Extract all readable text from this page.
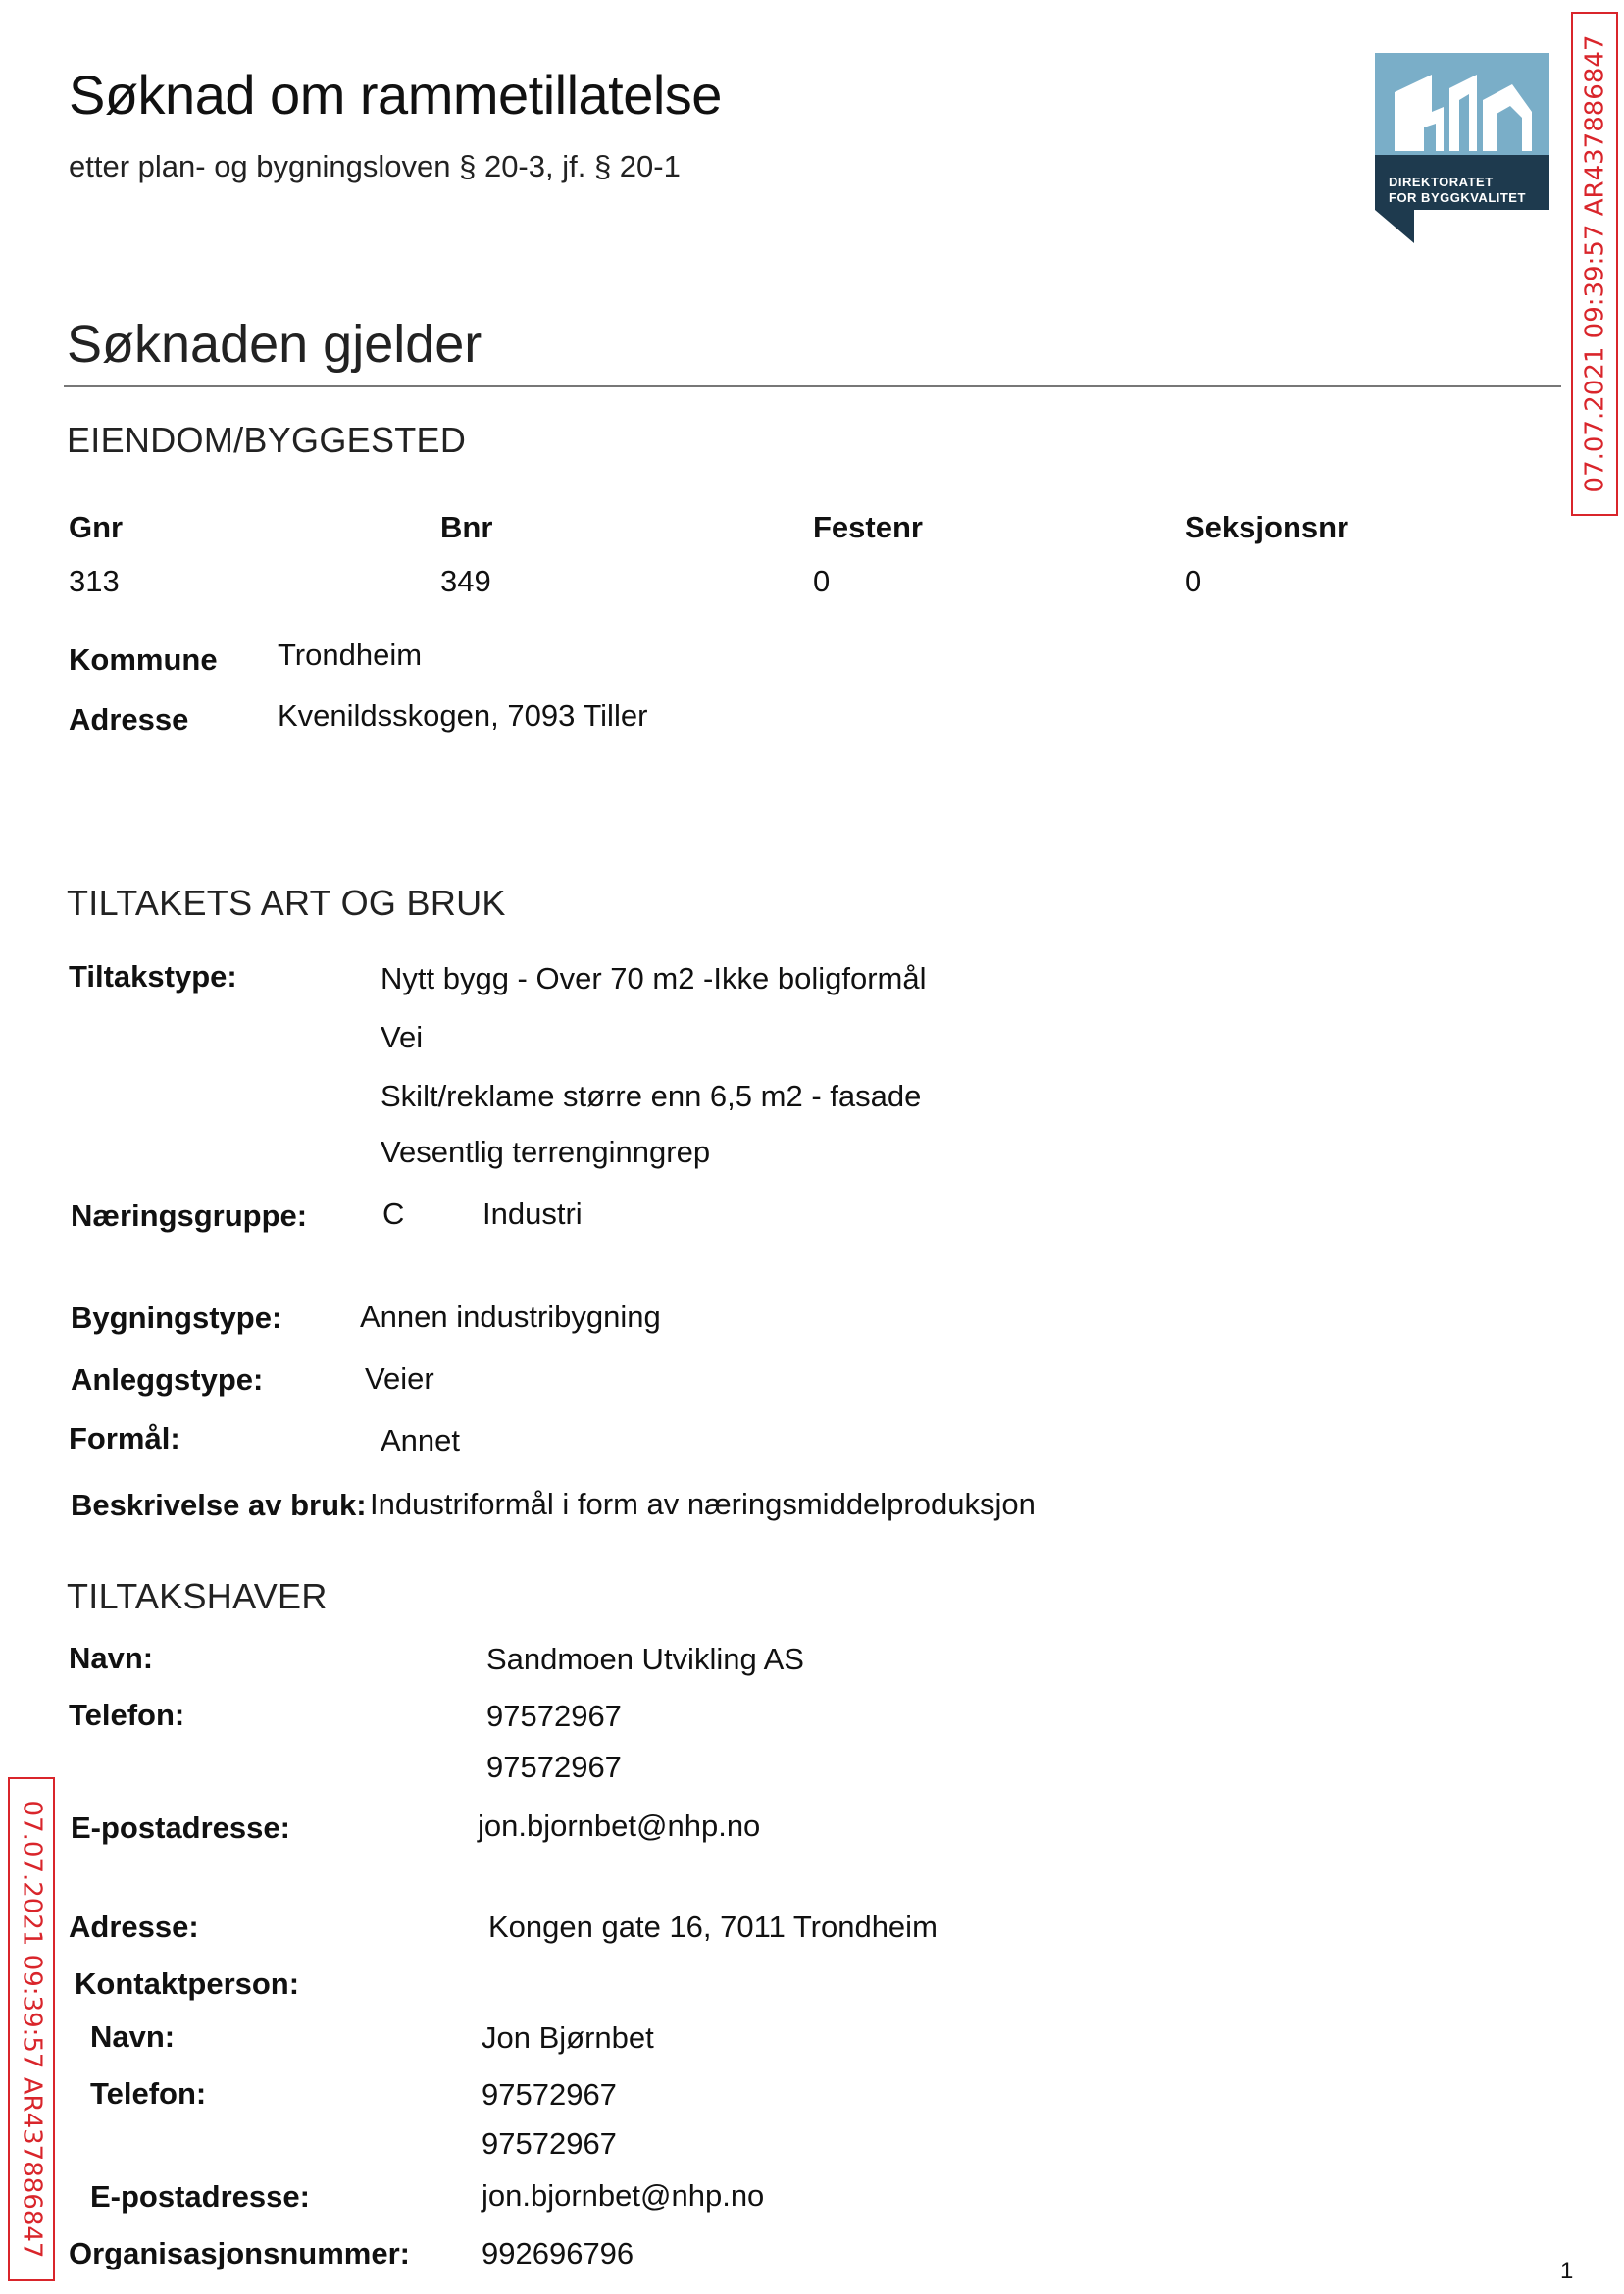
Søknad om rammetillatelse
etter plan- og bygningsloven § 20-3, jf. § 20-1	DIREKTORATET
FOR BYGGKVALITET 07.07.2021 09:39:57 AR437886847
07.07.2021 09:39:57 AR437886847
Søknaden gjelder
EIENDOM/BYGGESTED
Gnr	Bnr	Festenr	Seksjonsnr
313	349	0	0
Kommune Trondheim
Adresse	Kvenildsskogen, 7093 Tiller
TILTAKETS ART OG BRUK
Tiltakstype:	Nytt bygg - Over 70 m2 -Ikke boligformål
Vei
Skilt/reklame større enn 6,5 m2 - fasade
Vesentlig terrenginngrep
Næringsgruppe: C	Industri
Bygningstype:	Annen industribygning
Anleggstype:	Veier
Formål:	Annet
Beskrivelse av bruk: Industriformål i form av næringsmiddelproduksjon
TILTAKSHAVER
Navn:	Sandmoen Utvikling AS
Telefon:	97572967
97572967
E-postadresse:	jon.bjornbet@nhp.no
Adresse:	Kongen gate 16, 7011 Trondheim
Kontaktperson:
Navn:	Jon Bjørnbet
Telefon:	97572967
97572967
E-postadresse:	jon.bjornbet@nhp.no
Organisasjonsnummer: 992696796
1
